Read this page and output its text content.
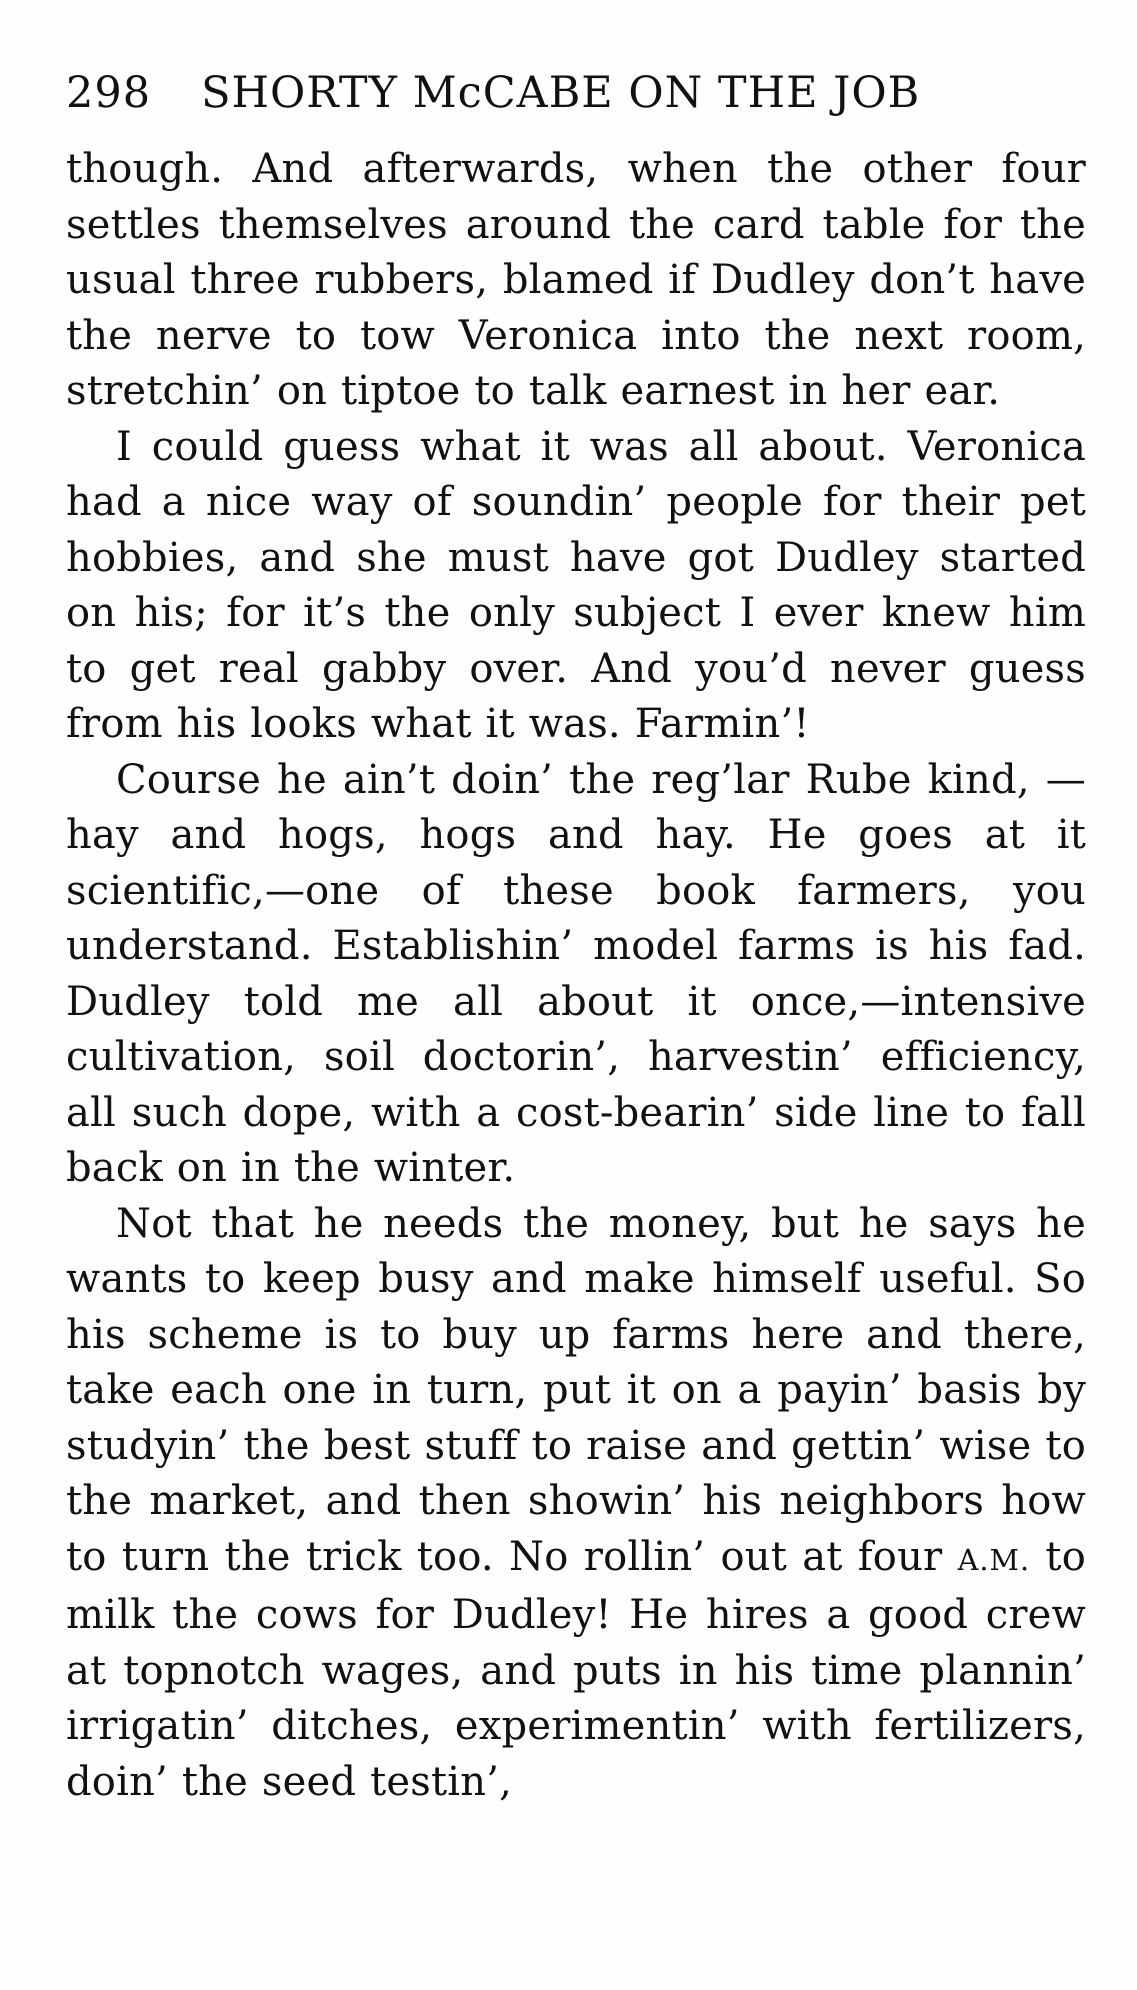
298 SHORTY McCABE ON THE JOB

though. And afterwards, when the other four settles themselves around the card table for the usual three rubbers, blamed if Dudley don’t have the nerve to tow Veronica into the next room, stretchin’ on tiptoe to talk earnest in her ear.

I could guess what it was all about. Veronica had a nice way of soundin’ people for their pet hobbies, and she must have got Dudley started on his; for it’s the only subject I ever knew him to get real gabby over. And you’d never guess from his looks what it was. Farmin’!

Course he ain’t doin’ the reg’lar Rube kind, —hay and hogs, hogs and hay. He goes at it scientific,—one of these book farmers, you understand. Establishin’ model farms is his fad. Dudley told me all about it once,—intensive cultivation, soil doctorin’, harvestin’ efficiency, all such dope, with a cost-bearin’ side line to fall back on in the winter.

Not that he needs the money, but he says he wants to keep busy and make himself useful. So his scheme is to buy up farms here and there, take each one in turn, put it on a payin’ basis by studyin’ the best stuff to raise and gettin’ wise to the market, and then showin’ his neighbors how to turn the trick too. No rollin’ out at four A.M. to milk the cows for Dudley! He hires a good crew at topnotch wages, and puts in his time plannin’ irrigatin’ ditches, experimentin’ with fertilizers, doin’ the seed testin’,
